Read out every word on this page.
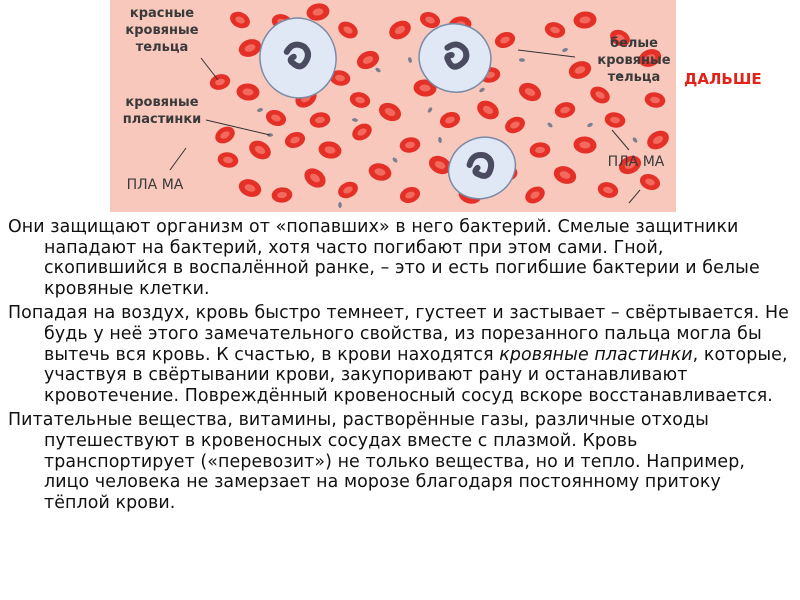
красные кровяные тельца	белые кровяные тельца
кровяные пластинки
ПЛА МА
ПЛА МА
ДАЛЬШЕ

Они защищают организм от «попавших» в него бактерий. Смелые защитники нападают на бактерий, хотя часто погибают при этом сами. Гной, скопившийся в воспалённой ранке, – это и есть погибшие бактерии и белые кровяные клетки.

Попадая на воздух, кровь быстро темнеет, густеет и застывает – свёртывается. Не будь у неё этого замечательного свойства, из порезанного пальца могла бы вытечь вся кровь. К счастью, в крови находятся кровяные пластинки, которые, участвуя в свёртывании крови, закупоривают рану и останавливают кровотечение. Повреждённый кровеносный сосуд вскоре восстанавливается.

Питательные вещества, витамины, растворённые газы, различные отходы путешествуют в кровеносных сосудах вместе с плазмой. Кровь транспортирует («перевозит») не только вещества, но и тепло. Например, лицо человека не замерзает на морозе благодаря постоянному притоку тёплой крови.
